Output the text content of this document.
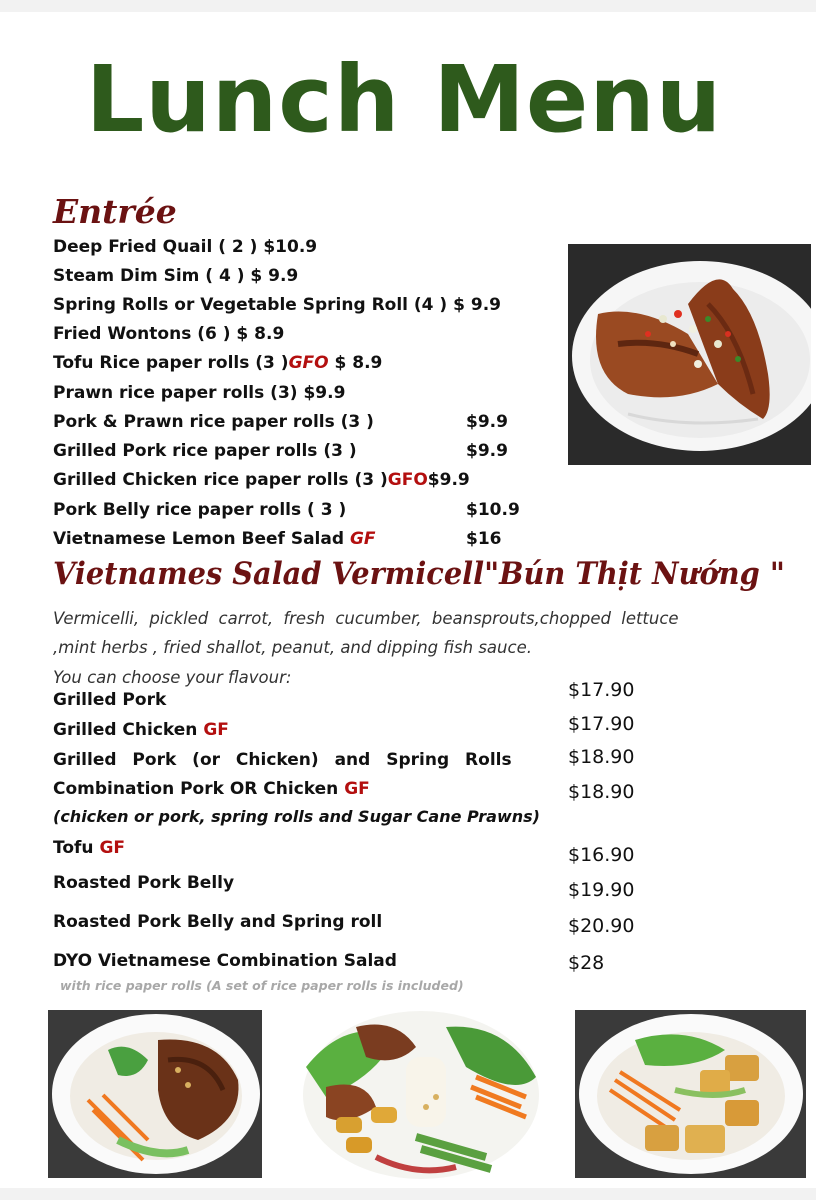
Lunch Menu
Entrée
Deep Fried Quail ( 2 ) $10.9
Steam Dim Sim ( 4 ) $ 9.9
Spring Rolls or Vegetable Spring Roll (4 ) $ 9.9
Fried Wontons (6 ) $ 8.9
Tofu Rice paper rolls (3 )GFO $ 8.9
Prawn rice paper rolls (3) $9.9
Pork & Prawn rice paper rolls (3 )	$9.9
Grilled Pork rice paper rolls (3 )	$9.9
Grilled Chicken rice paper rolls (3 )GFO$9.9
Pork Belly rice paper rolls ( 3 )	$10.9
Vietnamese Lemon Beef Salad GF	$16
Vietnames Salad Vermicell"Bún Thịt Nướng "
Vermicelli, pickled carrot, fresh cucumber, beansprouts,chopped lettuce
,mint herbs , fried shallot, peanut, and dipping fish sauce.
You can choose your flavour:
Grilled Pork	$17.90
Grilled Chicken GF	$17.90
Grilled Pork (or Chicken) and Spring Rolls	$18.90
Combination Pork OR Chicken GF	$18.90
(chicken or pork, spring rolls and Sugar Cane Prawns)
Tofu GF	$16.90
Roasted Pork Belly	$19.90
Roasted Pork Belly and Spring roll	$20.90
DYO Vietnamese Combination Salad	$28
with rice paper rolls (A set of rice paper rolls is included)
